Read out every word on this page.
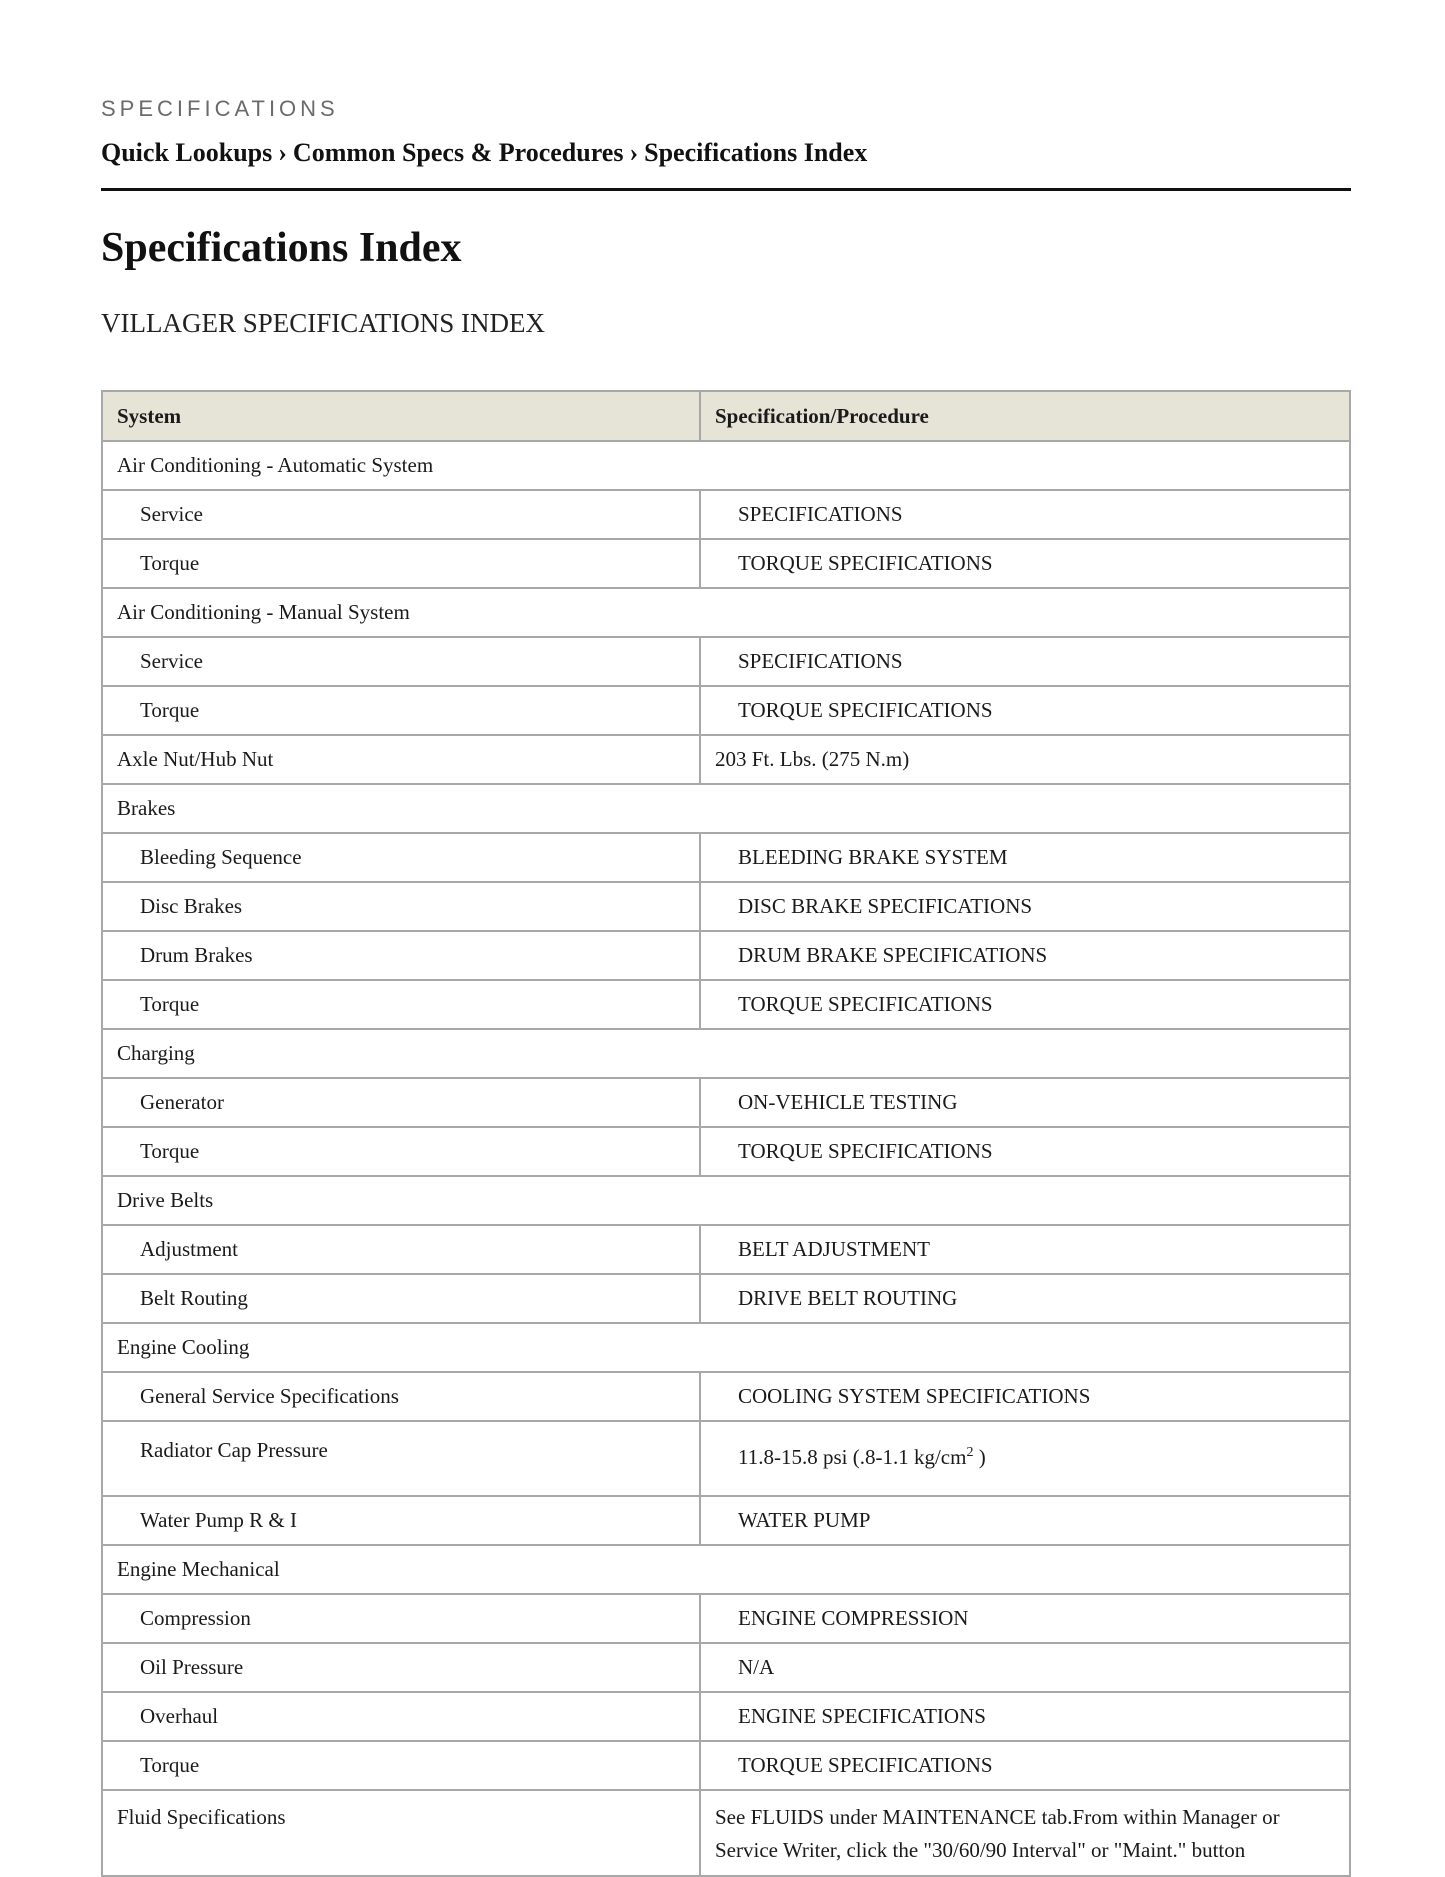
SPECIFICATIONS
Quick Lookups › Common Specs & Procedures › Specifications Index
Specifications Index
VILLAGER SPECIFICATIONS INDEX
System	Specification/Procedure
Air Conditioning - Automatic System	
Service	SPECIFICATIONS
Torque	TORQUE SPECIFICATIONS
Air Conditioning - Manual System	
Service	SPECIFICATIONS
Torque	TORQUE SPECIFICATIONS
Axle Nut/Hub Nut	203 Ft. Lbs. (275 N.m)
Brakes	
Bleeding Sequence	BLEEDING BRAKE SYSTEM
Disc Brakes	DISC BRAKE SPECIFICATIONS
Drum Brakes	DRUM BRAKE SPECIFICATIONS
Torque	TORQUE SPECIFICATIONS
Charging	
Generator	ON-VEHICLE TESTING
Torque	TORQUE SPECIFICATIONS
Drive Belts	
Adjustment	BELT ADJUSTMENT
Belt Routing	DRIVE BELT ROUTING
Engine Cooling	
General Service Specifications	COOLING SYSTEM SPECIFICATIONS
Radiator Cap Pressure	11.8-15.8 psi (.8-1.1 $kg/cm^2$ )
Water Pump R & I	WATER PUMP
Engine Mechanical	
Compression	ENGINE COMPRESSION
Oil Pressure	N/A
Overhaul	ENGINE SPECIFICATIONS
Torque	TORQUE SPECIFICATIONS
Fluid Specifications	See FLUIDS under MAINTENANCE tab.From within Manager or Service Writer, click the "30/60/90 Interval" or "Maint." button
